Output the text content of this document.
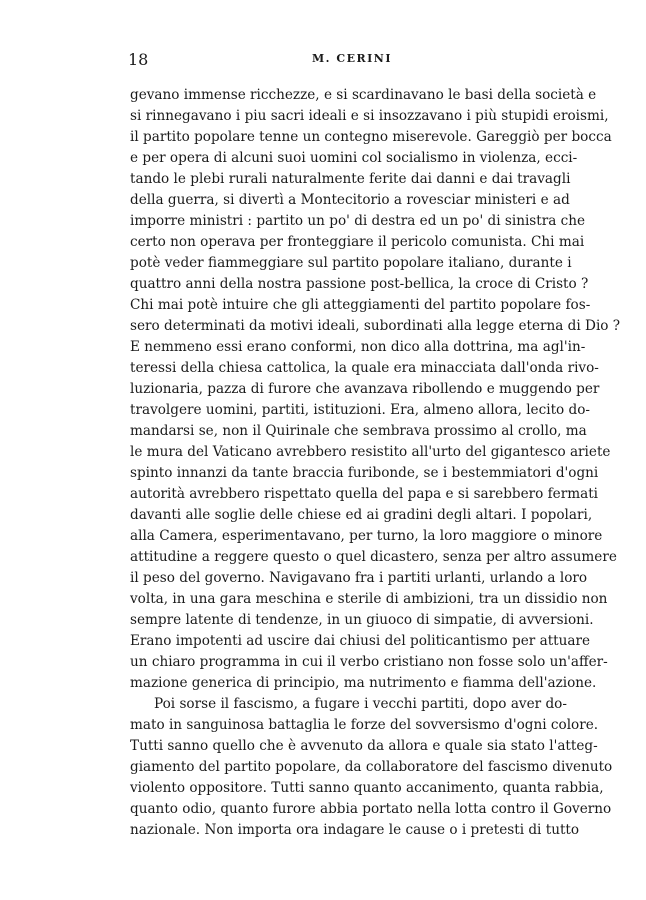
18	M. CERINI
gevano immense ricchezze, e si scardinavano le basi della società e
si rinnegavano i piu sacri ideali e si insozzavano i più stupidi eroismi,
il partito popolare tenne un contegno miserevole. Gareggiò per bocca
e per opera di alcuni suoi uomini col socialismo in violenza, ecci-
tando le plebi rurali naturalmente ferite dai danni e dai travagli
della guerra, si divertì a Montecitorio a rovesciar ministeri e ad
imporre ministri : partito un po' di destra ed un po' di sinistra che
certo non operava per fronteggiare il pericolo comunista. Chi mai
potè veder fiammeggiare sul partito popolare italiano, durante i
quattro anni della nostra passione post-bellica, la croce di Cristo ?
Chi mai potè intuire che gli atteggiamenti del partito popolare fos-
sero determinati da motivi ideali, subordinati alla legge eterna di Dio ?
E nemmeno essi erano conformi, non dico alla dottrina, ma agl'in-
teressi della chiesa cattolica, la quale era minacciata dall'onda rivo-
luzionaria, pazza di furore che avanzava ribollendo e muggendo per
travolgere uomini, partiti, istituzioni. Era, almeno allora, lecito do-
mandarsi se, non il Quirinale che sembrava prossimo al crollo, ma
le mura del Vaticano avrebbero resistito all'urto del gigantesco ariete
spinto innanzi da tante braccia furibonde, se i bestemmiatori d'ogni
autorità avrebbero rispettato quella del papa e si sarebbero fermati
davanti alle soglie delle chiese ed ai gradini degli altari. I popolari,
alla Camera, esperimentavano, per turno, la loro maggiore o minore
attitudine a reggere questo o quel dicastero, senza per altro assumere
il peso del governo. Navigavano fra i partiti urlanti, urlando a loro
volta, in una gara meschina e sterile di ambizioni, tra un dissidio non
sempre latente di tendenze, in un giuoco di simpatie, di avversioni.
Erano impotenti ad uscire dai chiusi del politicantismo per attuare
un chiaro programma in cui il verbo cristiano non fosse solo un'affer-
mazione generica di principio, ma nutrimento e fiamma dell'azione.
Poi sorse il fascismo, a fugare i vecchi partiti, dopo aver do-
mato in sanguinosa battaglia le forze del sovversismo d'ogni colore.
Tutti sanno quello che è avvenuto da allora e quale sia stato l'atteg-
giamento del partito popolare, da collaboratore del fascismo divenuto
violento oppositore. Tutti sanno quanto accanimento, quanta rabbia,
quanto odio, quanto furore abbia portato nella lotta contro il Governo
nazionale. Non importa ora indagare le cause o i pretesti di tutto
